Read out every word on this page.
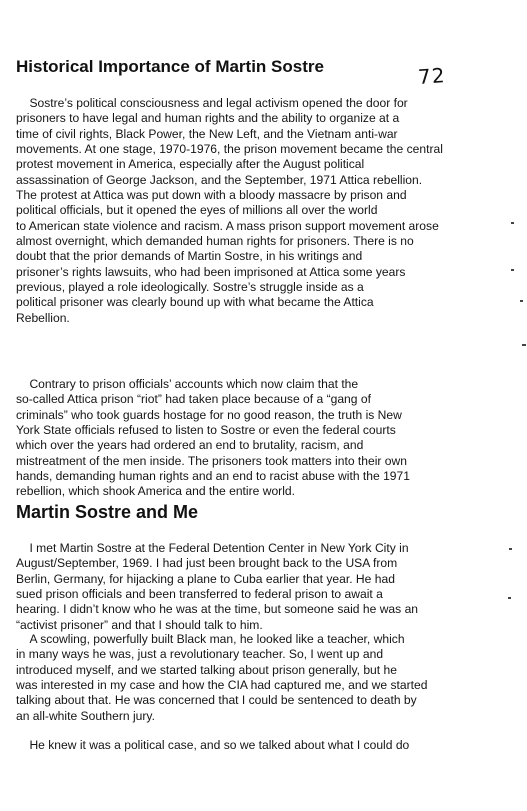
72
Historical Importance of Martin Sostre

Sostre’s political consciousness and legal activism opened the door for
prisoners to have legal and human rights and the ability to organize at a
time of civil rights, Black Power, the New Left, and the Vietnam anti-war
movements. At one stage, 1970-1976, the prison movement became the central
protest movement in America, especially after the August political
assassination of George Jackson, and the September, 1971 Attica rebellion.
The protest at Attica was put down with a bloody massacre by prison and
political officials, but it opened the eyes of millions all over the world
to American state violence and racism. A mass prison support movement arose
almost overnight, which demanded human rights for prisoners. There is no
doubt that the prior demands of Martin Sostre, in his writings and
prisoner’s rights lawsuits, who had been imprisoned at Attica some years
previous, played a role ideologically. Sostre’s struggle inside as a
political prisoner was clearly bound up with what became the Attica
Rebellion.

Contrary to prison officials’ accounts which now claim that the
so-called Attica prison “riot” had taken place because of a “gang of
criminals” who took guards hostage for no good reason, the truth is New
York State officials refused to listen to Sostre or even the federal courts
which over the years had ordered an end to brutality, racism, and
mistreatment of the men inside. The prisoners took matters into their own
hands, demanding human rights and an end to racist abuse with the 1971
rebellion, which shook America and the entire world.

Martin Sostre and Me

I met Martin Sostre at the Federal Detention Center in New York City in
August/September, 1969. I had just been brought back to the USA from
Berlin, Germany, for hijacking a plane to Cuba earlier that year. He had
sued prison officials and been transferred to federal prison to await a
hearing. I didn’t know who he was at the time, but someone said he was an
“activist prisoner” and that I should talk to him.

A scowling, powerfully built Black man, he looked like a teacher, which
in many ways he was, just a revolutionary teacher. So, I went up and
introduced myself, and we started talking about prison generally, but he
was interested in my case and how the CIA had captured me, and we started
talking about that. He was concerned that I could be sentenced to death by
an all-white Southern jury.

He knew it was a political case, and so we talked about what I could do
